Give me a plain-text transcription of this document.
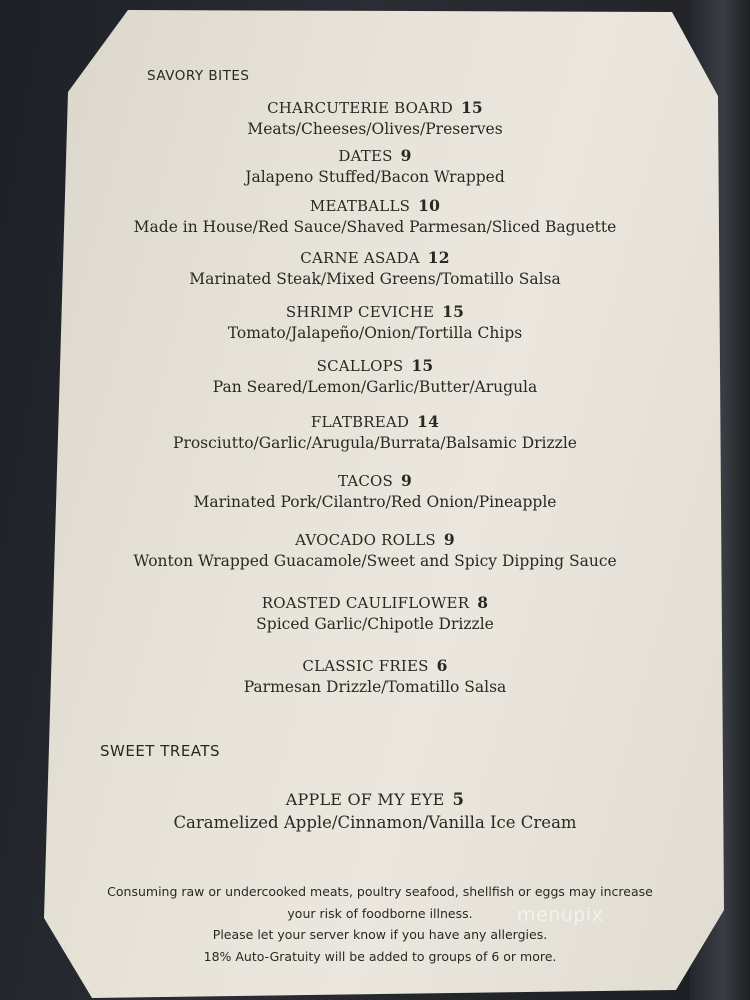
SAVORY BITES

CHARCUTERIE BOARD 15

Meats/Cheeses/Olives/Preserves

DATES 9

Jalapeno Stuffed/Bacon Wrapped

MEATBALLS 10

Made in House/Red Sauce/Shaved Parmesan/Sliced Baguette

CARNE ASADA 12

Marinated Steak/Mixed Greens/Tomatillo Salsa

SHRIMP CEVICHE 15

Tomato/Jalapeño/Onion/Tortilla Chips

SCALLOPS 15

Pan Seared/Lemon/Garlic/Butter/Arugula

FLATBREAD 14

Prosciutto/Garlic/Arugula/Burrata/Balsamic Drizzle

TACOS 9

Marinated Pork/Cilantro/Red Onion/Pineapple

AVOCADO ROLLS 9

Wonton Wrapped Guacamole/Sweet and Spicy Dipping Sauce

ROASTED CAULIFLOWER 8

Spiced Garlic/Chipotle Drizzle

CLASSIC FRIES 6

Parmesan Drizzle/Tomatillo Salsa
SWEET TREATS

APPLE OF MY EYE 5

Caramelized Apple/Cinnamon/Vanilla Ice Cream

Consuming raw or undercooked meats, poultry seafood, shellfish or eggs may increase

your risk of foodborne illness.

Please let your server know if you have any allergies.

18% Auto-Gratuity will be added to groups of 6 or more.

menupix
